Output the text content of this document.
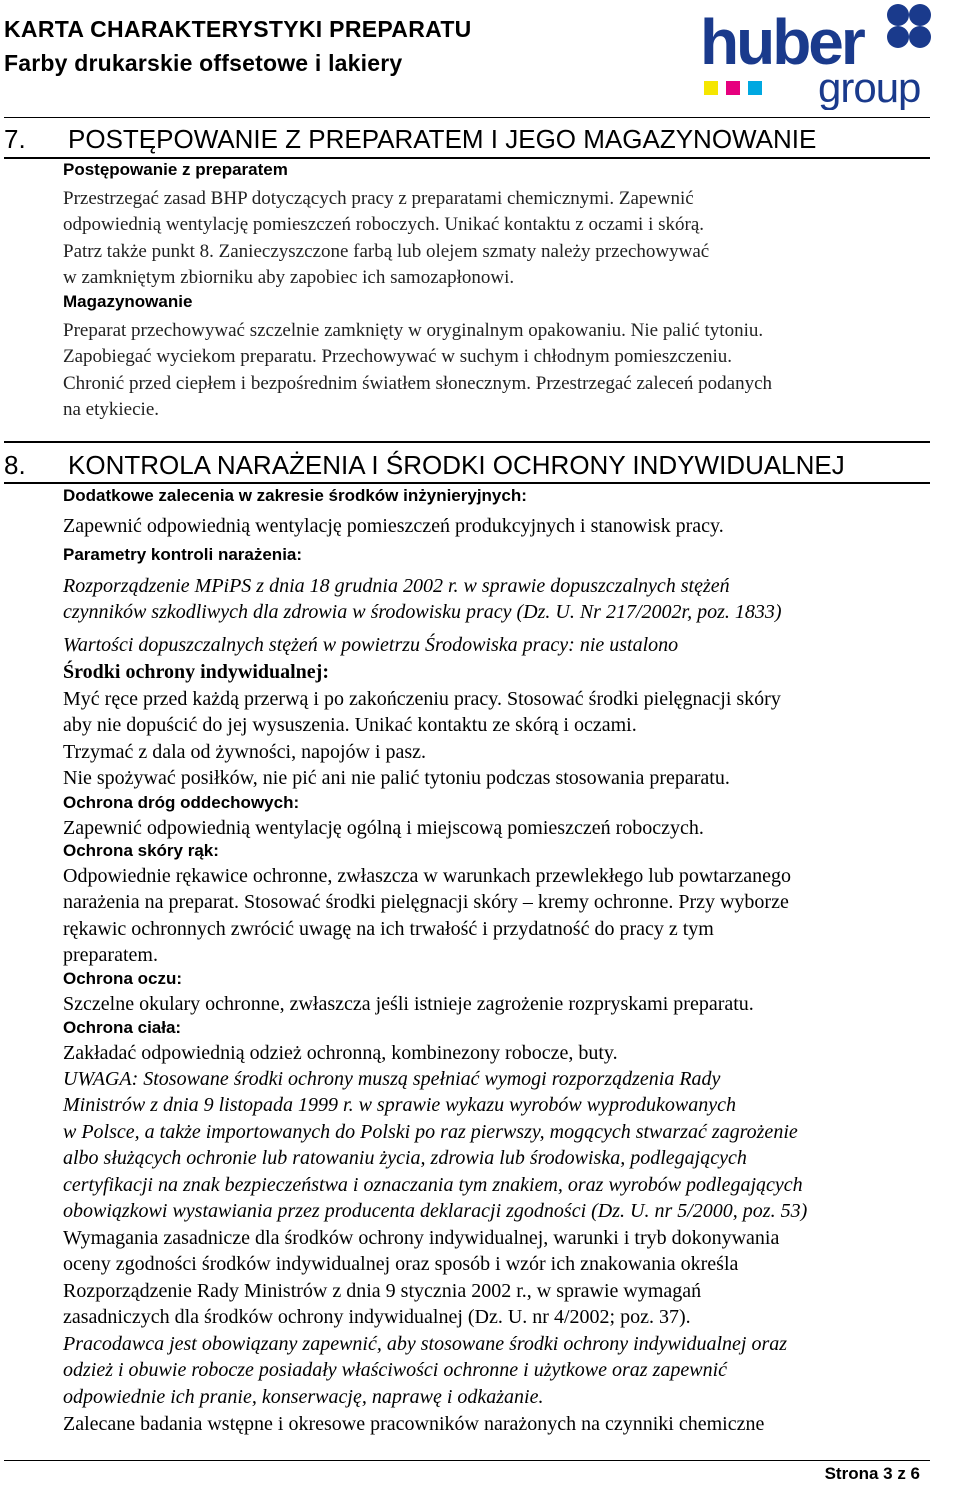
KARTA CHARAKTERYSTYKI PREPARATU
Farby drukarskie offsetowe i lakiery	huber
group
7. POSTĘPOWANIE Z PREPARATEM I JEGO MAGAZYNOWANIE
Postępowanie z preparatem
Przestrzegać zasad BHP dotyczących pracy z preparatami chemicznymi. Zapewnić
odpowiednią wentylację pomieszczeń roboczych. Unikać kontaktu z oczami i skórą.
Patrz także punkt 8. Zanieczyszczone farbą lub olejem szmaty należy przechowywać
w zamkniętym zbiorniku aby zapobiec ich samozapłonowi.
Magazynowanie
Preparat przechowywać szczelnie zamknięty w oryginalnym opakowaniu. Nie palić tytoniu.
Zapobiegać wyciekom preparatu. Przechowywać w suchym i chłodnym pomieszczeniu.
Chronić przed ciepłem i bezpośrednim światłem słonecznym. Przestrzegać zaleceń podanych
na etykiecie.
8. KONTROLA NARAŻENIA I ŚRODKI OCHRONY INDYWIDUALNEJ
Dodatkowe zalecenia w zakresie środków inżynieryjnych:
Zapewnić odpowiednią wentylację pomieszczeń produkcyjnych i stanowisk pracy.
Parametry kontroli narażenia:
Rozporządzenie MPiPS z dnia 18 grudnia 2002 r. w sprawie dopuszczalnych stężeń
czynników szkodliwych dla zdrowia w środowisku pracy (Dz. U. Nr 217/2002r, poz. 1833)
Wartości dopuszczalnych stężeń w powietrzu Środowiska pracy: nie ustalono
Środki ochrony indywidualnej:
Myć ręce przed każdą przerwą i po zakończeniu pracy. Stosować środki pielęgnacji skóry
aby nie dopuścić do jej wysuszenia. Unikać kontaktu ze skórą i oczami.
Trzymać z dala od żywności, napojów i pasz.
Nie spożywać posiłków, nie pić ani nie palić tytoniu podczas stosowania preparatu.
Ochrona dróg oddechowych:
Zapewnić odpowiednią wentylację ogólną i miejscową pomieszczeń roboczych.
Ochrona skóry rąk:
Odpowiednie rękawice ochronne, zwłaszcza w warunkach przewlekłego lub powtarzanego
narażenia na preparat. Stosować środki pielęgnacji skóry – kremy ochronne. Przy wyborze
rękawic ochronnych zwrócić uwagę na ich trwałość i przydatność do pracy z tym
preparatem.
Ochrona oczu:
Szczelne okulary ochronne, zwłaszcza jeśli istnieje zagrożenie rozpryskami preparatu.
Ochrona ciała:
Zakładać odpowiednią odzież ochronną, kombinezony robocze, buty.
UWAGA: Stosowane środki ochrony muszą spełniać wymogi rozporządzenia Rady
Ministrów z dnia 9 listopada 1999 r. w sprawie wykazu wyrobów wyprodukowanych
w Polsce, a także importowanych do Polski po raz pierwszy, mogących stwarzać zagrożenie
albo służących ochronie lub ratowaniu życia, zdrowia lub środowiska, podlegających
certyfikacji na znak bezpieczeństwa i oznaczania tym znakiem, oraz wyrobów podlegających
obowiązkowi wystawiania przez producenta deklaracji zgodności (Dz. U. nr 5/2000, poz. 53)
Wymagania zasadnicze dla środków ochrony indywidualnej, warunki i tryb dokonywania
oceny zgodności środków indywidualnej oraz sposób i wzór ich znakowania określa
Rozporządzenie Rady Ministrów z dnia 9 stycznia 2002 r., w sprawie wymagań
zasadniczych dla środków ochrony indywidualnej (Dz. U. nr 4/2002; poz. 37).
Pracodawca jest obowiązany zapewnić, aby stosowane środki ochrony indywidualnej oraz
odzież i obuwie robocze posiadały właściwości ochronne i użytkowe oraz zapewnić
odpowiednie ich pranie, konserwację, naprawę i odkażanie.
Zalecane badania wstępne i okresowe pracowników narażonych na czynniki chemiczne
Strona 3 z 6
